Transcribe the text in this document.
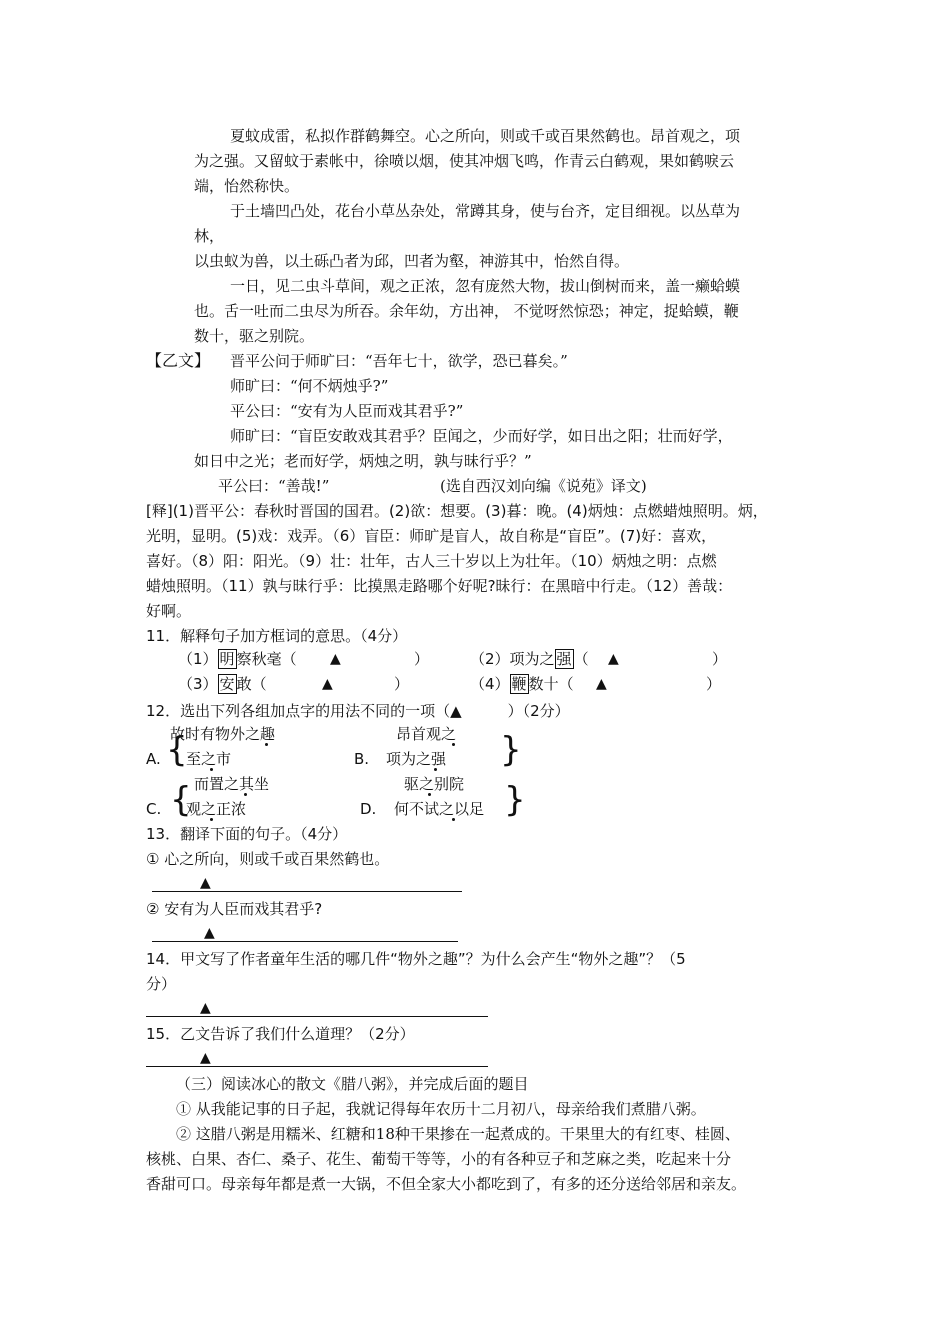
夏蚊成雷，私拟作群鹤舞空。心之所向，则或千或百果然鹤也。昂首观之，项
为之强。又留蚊于素帐中，徐喷以烟，使其冲烟飞鸣，作青云白鹤观，果如鹤唳云
端，怡然称快。
于土墙凹凸处，花台小草丛杂处，常蹲其身，使与台齐，定目细视。以丛草为
林，
以虫蚁为兽，以土砾凸者为邱，凹者为壑，神游其中，怡然自得。
一日，见二虫斗草间，观之正浓，忽有庞然大物，拔山倒树而来，盖一癞蛤蟆
也。舌一吐而二虫尽为所吞。余年幼，方出神， 不觉呀然惊恐；神定，捉蛤蟆，鞭
数十，驱之别院。
【乙文】 晋平公问于师旷曰：“吾年七十，欲学，恐已暮矣。”
师旷曰：“何不炳烛乎?”
平公曰：“安有为人臣而戏其君乎?”
师旷曰：“盲臣安敢戏其君乎？臣闻之，少而好学，如日出之阳；壮而好学，
如日中之光；老而好学，炳烛之明，孰与昧行乎？”
平公曰：“善哉!”	(选自西汉刘向编《说苑》译文)
[释](1)晋平公：春秋时晋国的国君。(2)欲：想要。(3)暮：晚。(4)炳烛：点燃蜡烛照明。炳，
光明，显明。(5)戏：戏弄。（6）盲臣：师旷是盲人，故自称是“盲臣”。(7)好：喜欢，
喜好。（8）阳：阳光。（9）壮：壮年，古人三十岁以上为壮年。（10）炳烛之明：点燃
蜡烛照明。（11）孰与昧行乎：比摸黑走路哪个好呢?昧行：在黑暗中行走。（12）善哉：
好啊。
11．解释句子加方框词的意思。（4分）
（1） 明 察秋毫（ ▲	）	（2）项为之 强 （ ▲	）
（3） 安 敢（	▲	）	（4） 鞭 数十（ ▲	）
12．选出下列各组加点字的用法不同的一项（▲	）（2分）
故时有物外之趣
A. {
至之市
昂首观之
B. 项为之强 }
而置之其坐
C. {
观之正浓
驱之别院
D. 何不试之以足 }
13．翻译下面的句子。（4分）
① 心之所向，则或千或百果然鹤也。
▲
② 安有为人臣而戏其君乎?
▲
14．甲文写了作者童年生活的哪几件“物外之趣”？为什么会产生“物外之趣”？（5
分）
▲
15．乙文告诉了我们什么道理？（2分）
▲
（三）阅读冰心的散文《腊八粥》，并完成后面的题目
① 从我能记事的日子起，我就记得每年农历十二月初八，母亲给我们煮腊八粥。
② 这腊八粥是用糯米、红糖和18种干果掺在一起煮成的。干果里大的有红枣、桂圆、
核桃、白果、杏仁、桑子、花生、葡萄干等等，小的有各种豆子和芝麻之类，吃起来十分
香甜可口。母亲每年都是煮一大锅，不但全家大小都吃到了，有多的还分送给邻居和亲友。
